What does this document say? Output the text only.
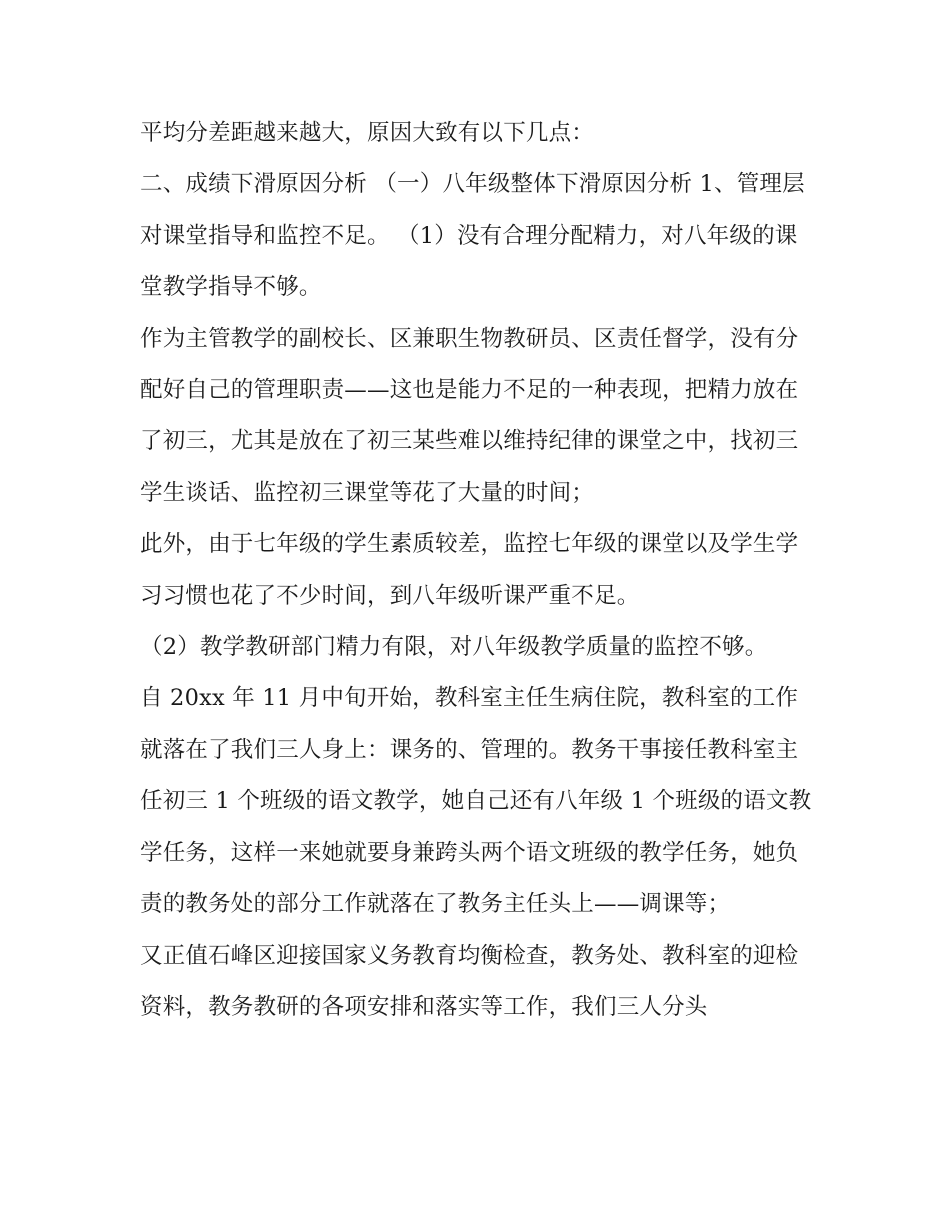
平均分差距越来越大，原因大致有以下几点：

二、成绩下滑原因分析 （一）八年级整体下滑原因分析 1、管理层对课堂指导和监控不足。 （1）没有合理分配精力，对八年级的课堂教学指导不够。

作为主管教学的副校长、区兼职生物教研员、区责任督学，没有分配好自己的管理职责——这也是能力不足的一种表现，把精力放在了初三，尤其是放在了初三某些难以维持纪律的课堂之中，找初三学生谈话、监控初三课堂等花了大量的时间；

此外，由于七年级的学生素质较差，监控七年级的课堂以及学生学习习惯也花了不少时间，到八年级听课严重不足。

（2）教学教研部门精力有限，对八年级教学质量的监控不够。

自 20xx 年 11 月中旬开始，教科室主任生病住院，教科室的工作就落在了我们三人身上：课务的、管理的。教务干事接任教科室主任初三 1 个班级的语文教学，她自己还有八年级 1 个班级的语文教学任务，这样一来她就要身兼跨头两个语文班级的教学任务，她负责的教务处的部分工作就落在了教务主任头上——调课等；

又正值石峰区迎接国家义务教育均衡检查，教务处、教科室的迎检资料，教务教研的各项安排和落实等工作，我们三人分头
